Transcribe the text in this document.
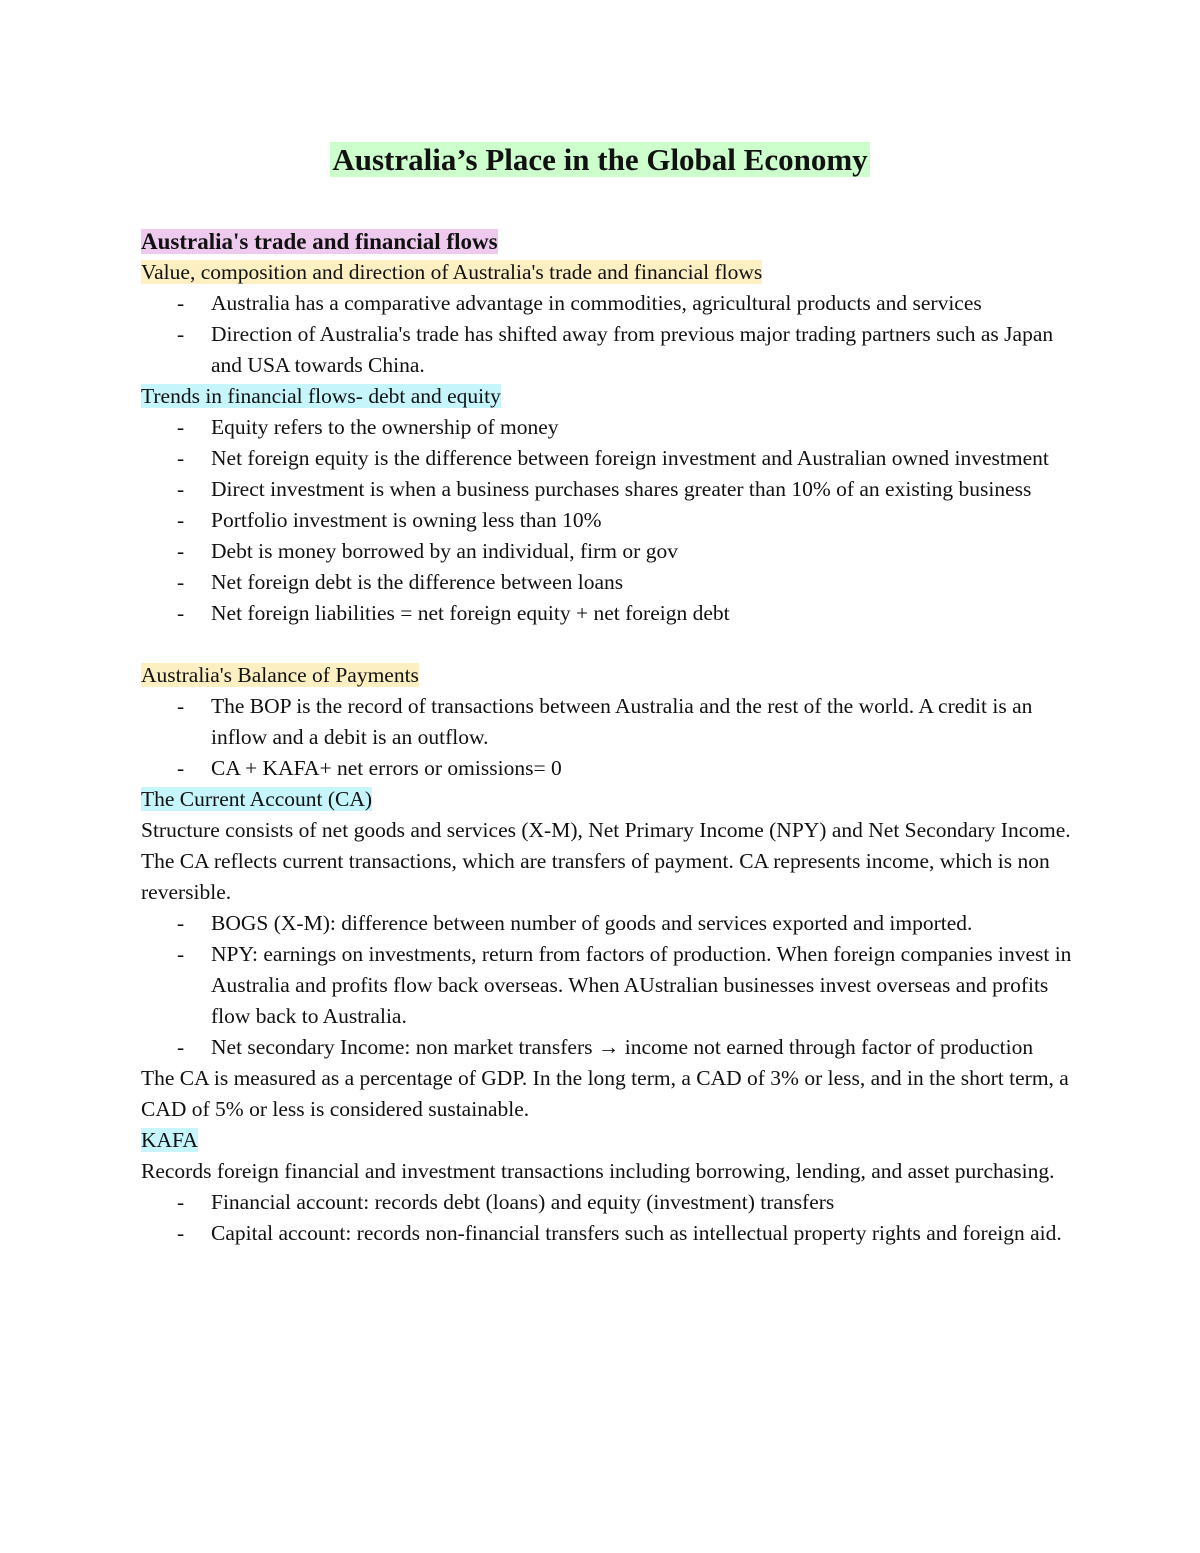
Australia’s Place in the Global Economy
Australia's trade and financial flows
Value, composition and direction of Australia's trade and financial flows
- Australia has a comparative advantage in commodities, agricultural products and services
- Direction of Australia's trade has shifted away from previous major trading partners such as Japan and USA towards China.
Trends in financial flows- debt and equity
- Equity refers to the ownership of money
- Net foreign equity is the difference between foreign investment and Australian owned investment
- Direct investment is when a business purchases shares greater than 10% of an existing business
- Portfolio investment is owning less than 10%
- Debt is money borrowed by an individual, firm or gov
- Net foreign debt is the difference between loans
- Net foreign liabilities = net foreign equity + net foreign debt
Australia's Balance of Payments
- The BOP is the record of transactions between Australia and the rest of the world. A credit is an inflow and a debit is an outflow.
- CA + KAFA+ net errors or omissions= 0
The Current Account (CA)

Structure consists of net goods and services (X-M), Net Primary Income (NPY) and Net Secondary Income. The CA reflects current transactions, which are transfers of payment. CA represents income, which is non reversible.

- BOGS (X-M): difference between number of goods and services exported and imported.
- NPY: earnings on investments, return from factors of production. When foreign companies invest in Australia and profits flow back overseas. When AUstralian businesses invest overseas and profits flow back to Australia.
- Net secondary Income: non market transfers → income not earned through factor of production

The CA is measured as a percentage of GDP. In the long term, a CAD of 3% or less, and in the short term, a CAD of 5% or less is considered sustainable.

KAFA

Records foreign financial and investment transactions including borrowing, lending, and asset purchasing.

- Financial account: records debt (loans) and equity (investment) transfers
- Capital account: records non-financial transfers such as intellectual property rights and foreign aid.
